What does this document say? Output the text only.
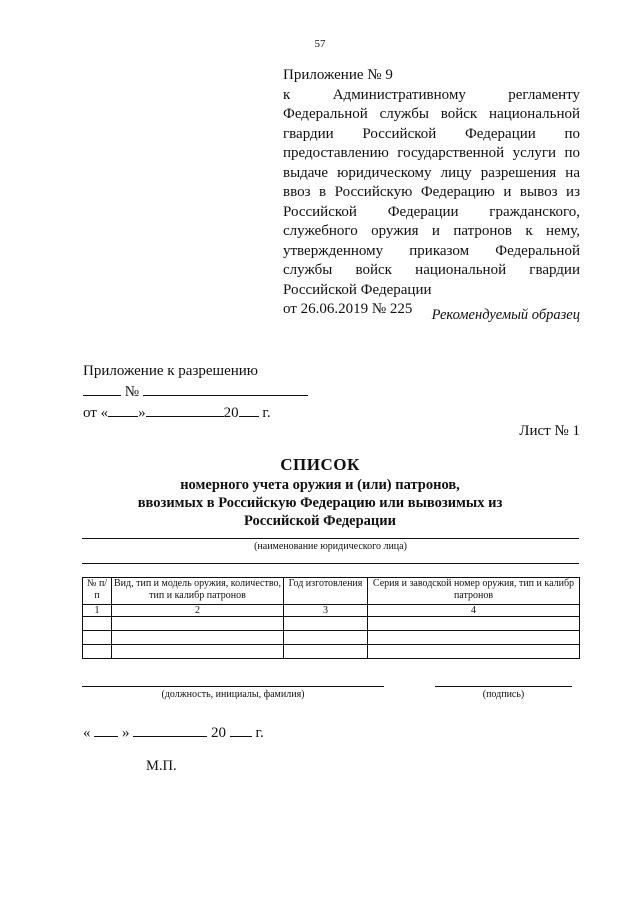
57
Приложение № 9
к Административному регламенту
Федеральной службы войск национальной
гвардии Российской Федерации по
предоставлению государственной услуги по
выдаче юридическому лицу разрешения на
ввоз в Российскую Федерацию и вывоз из
Российской Федерации гражданского,
служебного оружия и патронов к нему,
утвержденному приказом Федеральной
службы войск национальной гвардии
Российской Федерации
от 26.06.2019 № 225	Рекомендуемый образец
Приложение к разрешению
№
от « »	20 г.
Лист № 1
СПИСОК
номерного учета оружия и (или) патронов,
ввозимых в Российскую Федерацию или вывозимых из
Российской Федерации
(наименование юридического лица)
№ п/п	Вид, тип и модель оружия, количество, тип и калибр патронов	Год изготовления	Серия и заводской номер оружия, тип и калибр патронов
1	2	3	4

(должность, инициалы, фамилия)	(подпись)
« »	20 г.
М.П.
